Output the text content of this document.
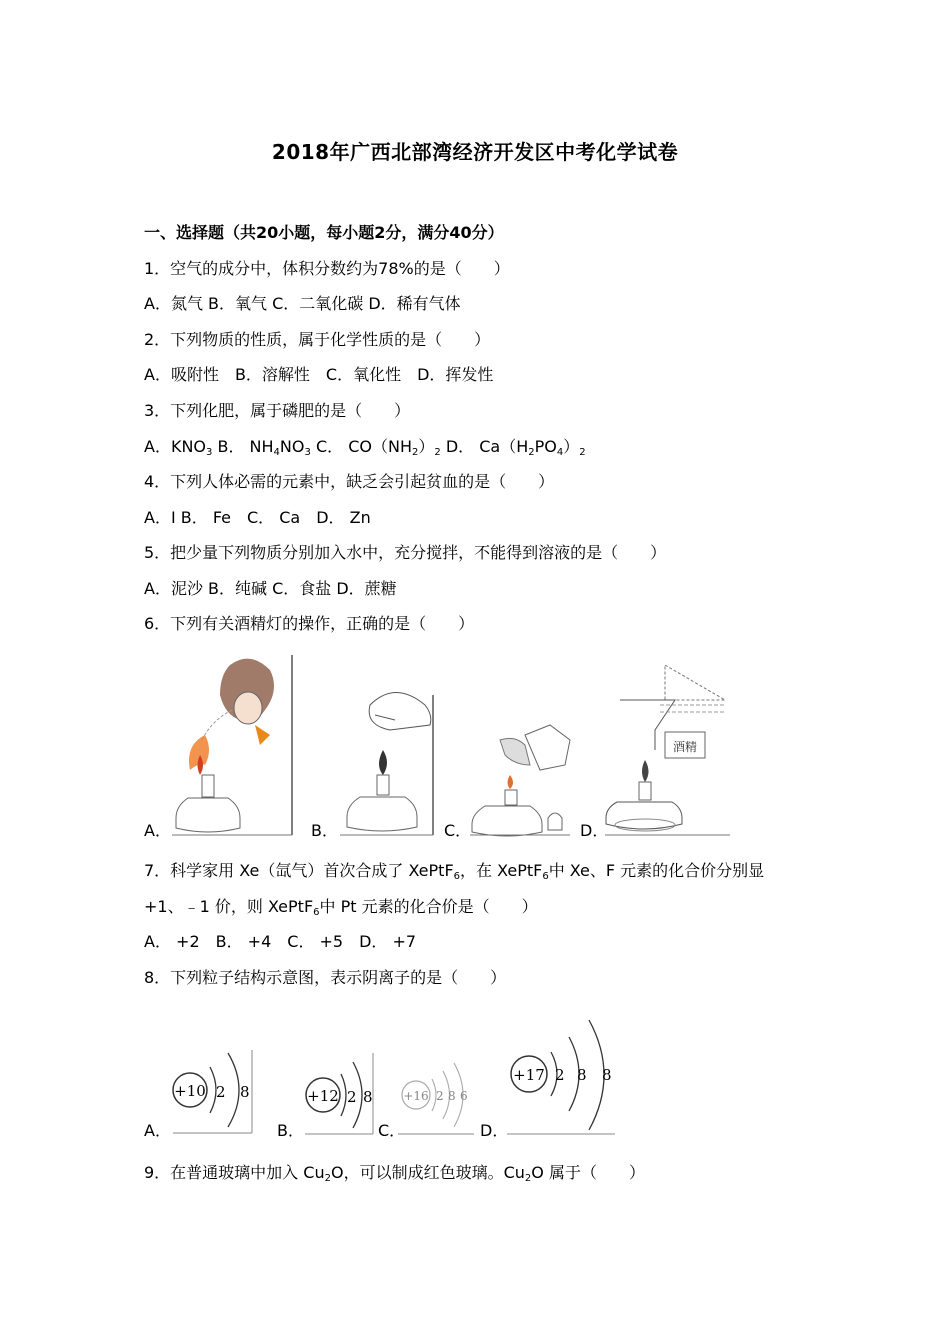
2018年广西北部湾经济开发区中考化学试卷
一、选择题（共20小题，每小题2分，满分40分）
1．空气的成分中，体积分数约为78%的是（　　）
A．氮气 B．氧气 C．二氧化碳 D．稀有气体
2．下列物质的性质，属于化学性质的是（　　）
A．吸附性　B．溶解性　C．氧化性　D．挥发性
3．下列化肥，属于磷肥的是（　　）
A．$KNO_3$ B． $NH_4NO_3$ C． $CO(NH_2)_2$ D． $Ca(H_2PO_4)_2$
4．下列人体必需的元素中，缺乏会引起贫血的是（　　）
A．I B． Fe　C． Ca　D． Zn
5．把少量下列物质分别加入水中，充分搅拌，不能得到溶液的是（　　）
A．泥沙 B．纯碱 C．食盐 D．蔗糖
6．下列有关酒精灯的操作，正确的是（　　）
A．	B．	C．	D．
酒精
7．科学家用 Xe（氙气）首次合成了 XePtF$_6$，在 XePtF$_6$中 Xe、F 元素的化合价分别显
+1、﹣1 价，则 XePtF$_6$中 Pt 元素的化合价是（　　）
A． +2　B． +4　C． +5　D． +7
8．下列粒子结构示意图，表示阴离子的是（　　）
A．	B．	C．	D．
+10 2 8	+12 2 8	+16 2 8 6
+17 2 8 8
9．在普通玻璃中加入 $Cu_2O$，可以制成红色玻璃。$Cu_2O$ 属于（　　）
